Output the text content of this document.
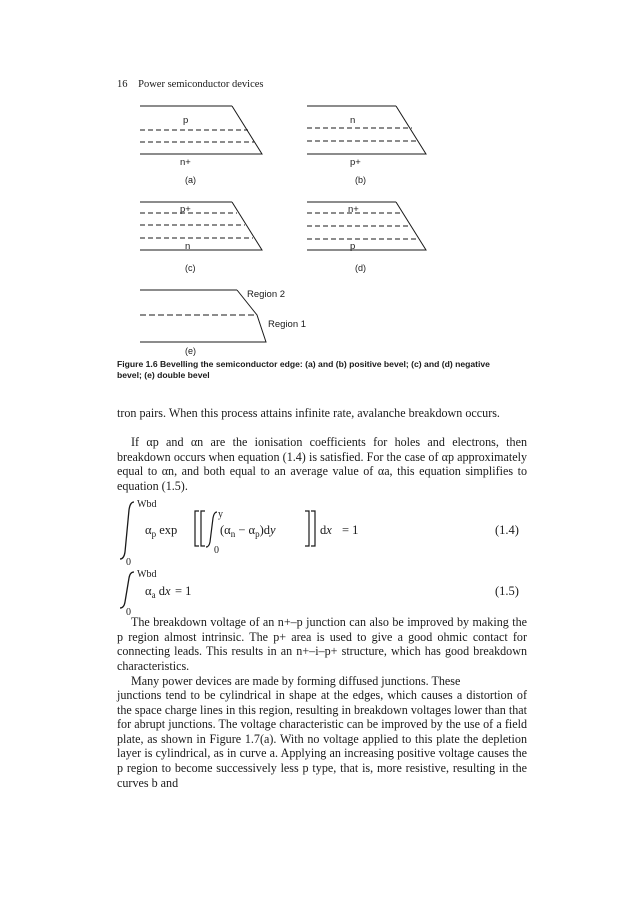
16 Power semiconductor devices
p
n+
(a)
n
p+
(b)
p+
n
(c)
n+
p
(d)
Region 2
Region 1
(e)
Figure 1.6 Bevelling the semiconductor edge: (a) and (b) positive bevel; (c) and (d) negative bevel; (e) double bevel
tron pairs. When this process attains infinite rate, avalanche breakdown occurs.
If αp and αn are the ionisation coefficients for holes and electrons, then breakdown occurs when equation (1.4) is satisfied. For the case of αp approximately equal to αn, and both equal to an average value of αa, this equation simplifies to equation (1.5).
Wbd
0
$\alpha_p$ exp
y
0
$(\alpha_n - \alpha_p)dy$	dx = 1	(1.4)
Wbd
0
$\alpha_a$ dx = 1	(1.5)
The breakdown voltage of an n+–p junction can also be improved by making the p region almost intrinsic. The p+ area is used to give a good ohmic contact for connecting leads. This results in an n+–i–p+ structure, which has good breakdown characteristics.
Many power devices are made by forming diffused junctions. These
junctions tend to be cylindrical in shape at the edges, which causes a distortion of the space charge lines in this region, resulting in breakdown voltages lower than that for abrupt junctions. The voltage characteristic can be improved by the use of a field plate, as shown in Figure 1.7(a). With no voltage applied to this plate the depletion layer is cylindrical, as in curve a. Applying an increasing positive voltage causes the p region to become successively less p type, that is, more resistive, resulting in the curves b and
